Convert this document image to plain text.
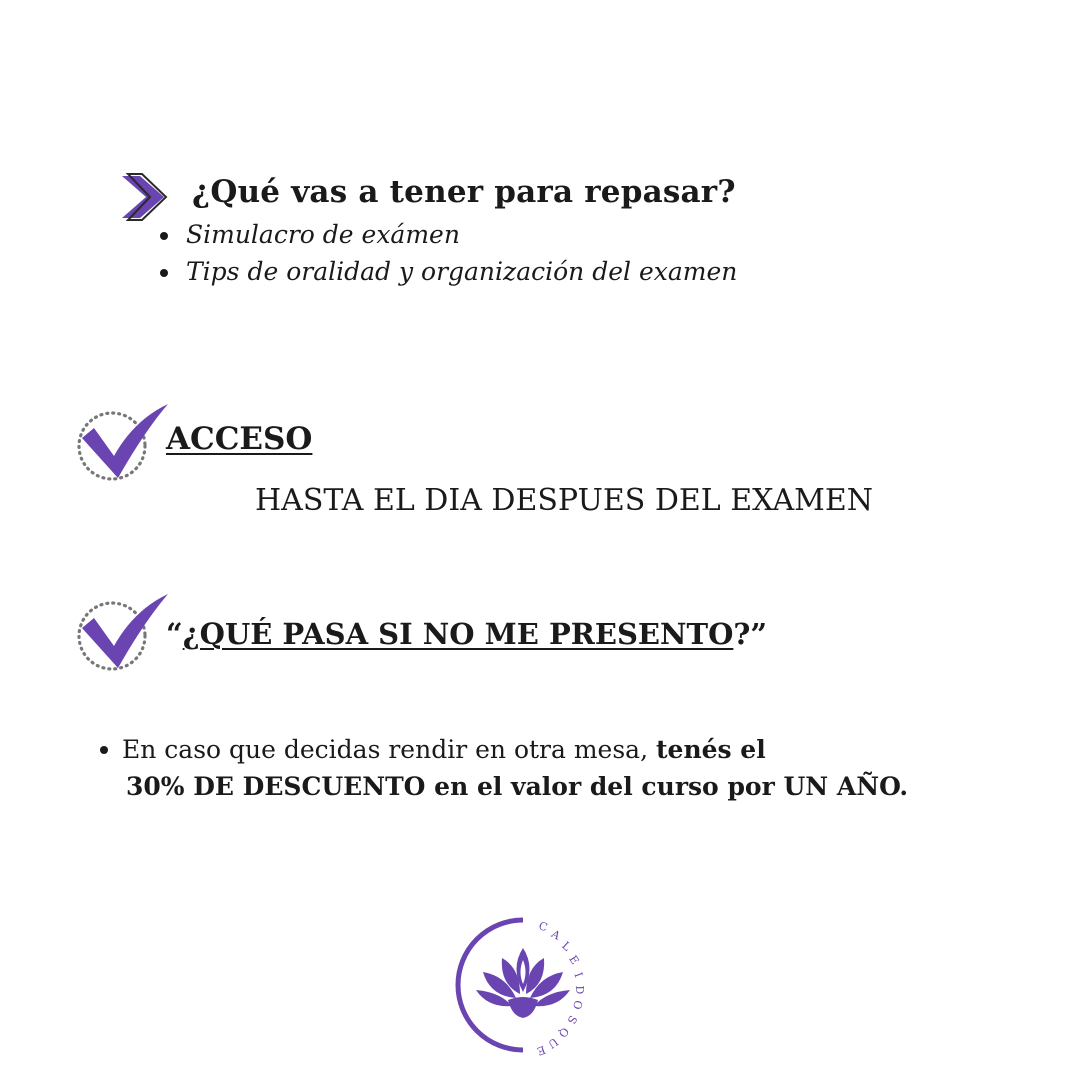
¿Qué vas a tener para repasar?
Simulacro de exámen
Tips de oralidad y organización del examen
ACCESO
HASTA EL DIA DESPUES DEL EXAMEN
“¿QUÉ PASA SI NO ME PRESENTO?”
En caso que decidas rendir en otra mesa, tenés el
30% DE DESCUENTO en el valor del curso por UN AÑO.
C
A
L
E
I
D
O
S
Q
U
E
